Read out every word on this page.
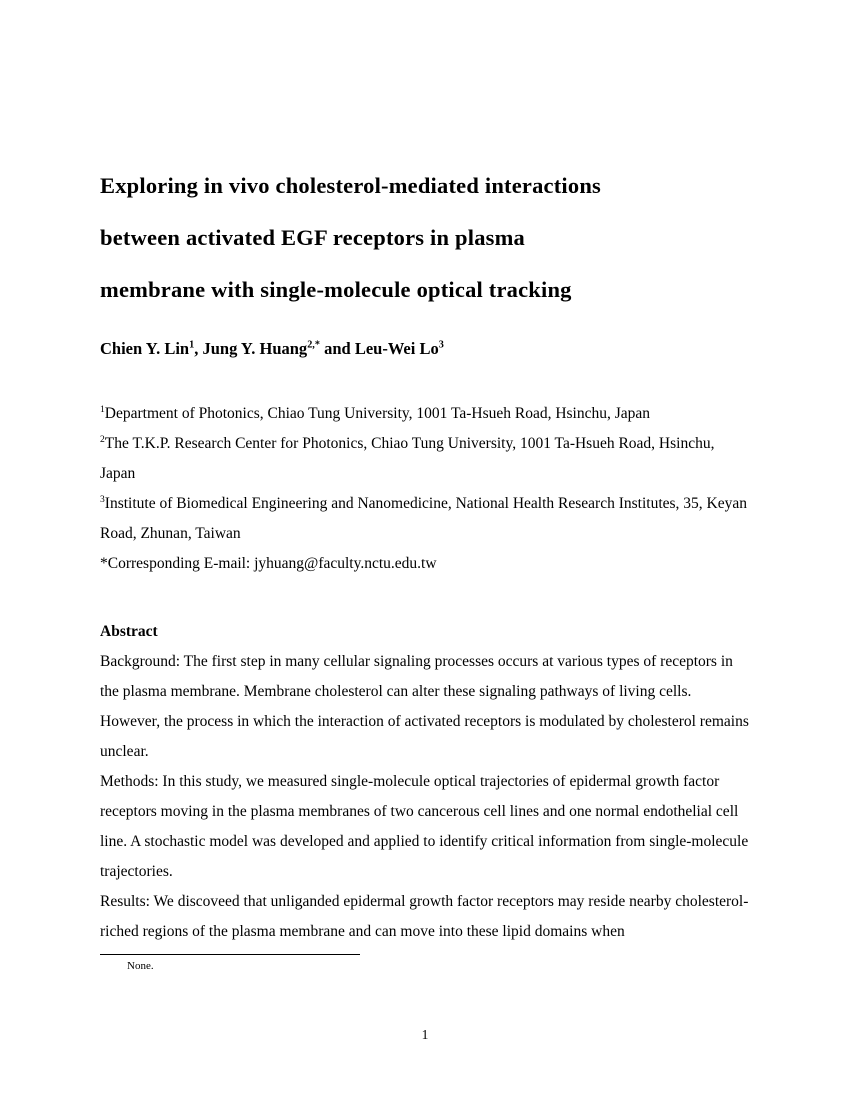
Exploring in vivo cholesterol-mediated interactions
between activated EGF receptors in plasma
membrane with single-molecule optical tracking

Chien Y. Lin$^1$, Jung Y. Huang$^{2,*}$ and Leu-Wei Lo$^3$

$^1$Department of Photonics, Chiao Tung University, 1001 Ta-Hsueh Road, Hsinchu, Japan

$^2$The T.K.P. Research Center for Photonics, Chiao Tung University, 1001 Ta-Hsueh Road, Hsinchu, Japan

$^3$Institute of Biomedical Engineering and Nanomedicine, National Health Research Institutes, 35, Keyan Road, Zhunan, Taiwan

*Corresponding E-mail: jyhuang@faculty.nctu.edu.tw

Abstract

Background: The first step in many cellular signaling processes occurs at various types of receptors in the plasma membrane. Membrane cholesterol can alter these signaling pathways of living cells. However, the process in which the interaction of activated receptors is modulated by cholesterol remains unclear.

Methods: In this study, we measured single-molecule optical trajectories of epidermal growth factor receptors moving in the plasma membranes of two cancerous cell lines and one normal endothelial cell line. A stochastic model was developed and applied to identify critical information from single-molecule trajectories.

Results: We discoveed that unliganded epidermal growth factor receptors may reside nearby cholesterol-riched regions of the plasma membrane and can move into these lipid domains when

None.
1
